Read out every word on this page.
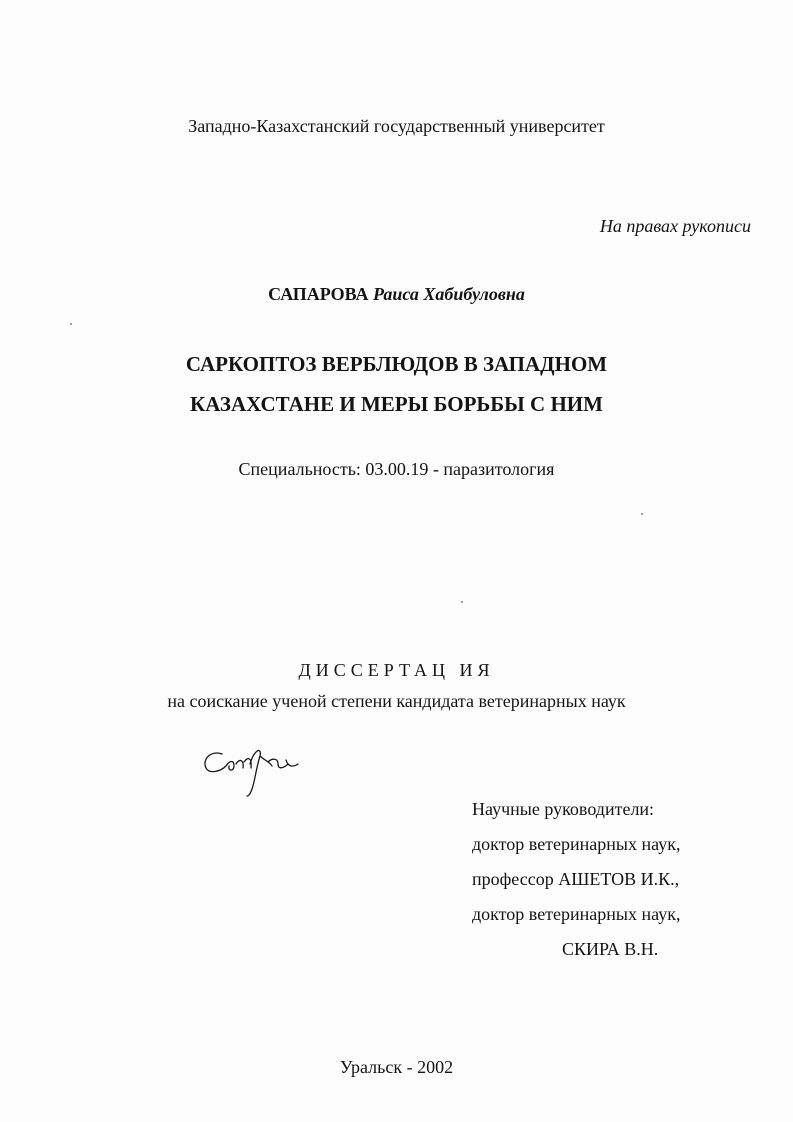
Западно-Казахстанский государственный университет
На правах рукописи
САПАРОВА Раиса Хабибуловна
САРКОПТОЗ ВЕРБЛЮДОВ В ЗАПАДНОМ
КАЗАХСТАНЕ И МЕРЫ БОРЬБЫ С НИМ
Специальность: 03.00.19 - паразитология
ДИССЕРТАЦ ИЯ
на соискание ученой степени кандидата ветеринарных наук
Научные руководители:
доктор ветеринарных наук,
профессор АШЕТОВ И.К.,
доктор ветеринарных наук,
СКИРА В.Н.
Уральск - 2002
